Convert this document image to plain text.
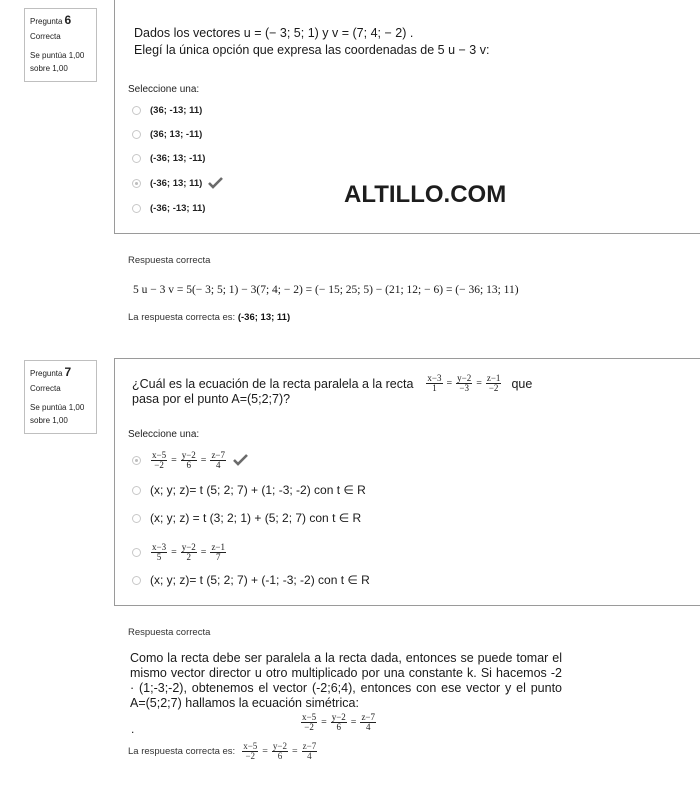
Pregunta 6
Correcta
Se puntúa 1,00 sobre 1,00
Dados los vectores u = (− 3; 5; 1) y v = (7; 4; − 2) .
Elegí la única opción que expresa las coordenadas de 5 u − 3 v:
Seleccione una:
(36; -13; 11)
(36; 13; -11)
(-36; 13; -11)
(-36; 13; 11)
(-36; -13; 11)	ALTILLO.COM
Respuesta correcta
5 u − 3 v = 5(− 3; 5; 1) − 3(7; 4; − 2) = (− 15; 25; 5) − (21; 12; − 6) = (− 36; 13; 11)
La respuesta correcta es: (-36; 13; 11)
Pregunta 7
Correcta
Se puntúa 1,00 sobre 1,00
¿Cuál es la ecuación de la recta paralela a la recta $\frac{x-3}{1} = \frac{y-2}{-3} = \frac{z-1}{-2}$ que
pasa por el punto A=(5;2;7)?
Seleccione una:
$\frac{x-5}{-2} = \frac{y-2}{6} = \frac{z-7}{4}$
(x; y; z)= t (5; 2; 7) + (1; -3; -2) con t ∈ R
(x; y; z) = t (3; 2; 1) + (5; 2; 7) con t ∈ R
$\frac{x-3}{5} = \frac{y-2}{2} = \frac{z-1}{7}$
(x; y; z)= t (5; 2; 7) + (-1; -3; -2) con t ∈ R
Respuesta correcta
Como la recta debe ser paralela a la recta dada, entonces se puede tomar el mismo vector director u otro multiplicado por una constante k. Si hacemos -2 · (1;-3;-2), obtenemos el vector (-2;6;4), entonces con ese vector y el punto A=(5;2;7) hallamos la ecuación simétrica:
$\frac{x-5}{-2} = \frac{y-2}{6} = \frac{z-7}{4}$
.
La respuesta correcta es: $\frac{x-5}{-2} = \frac{y-2}{6} = \frac{z-7}{4}$
